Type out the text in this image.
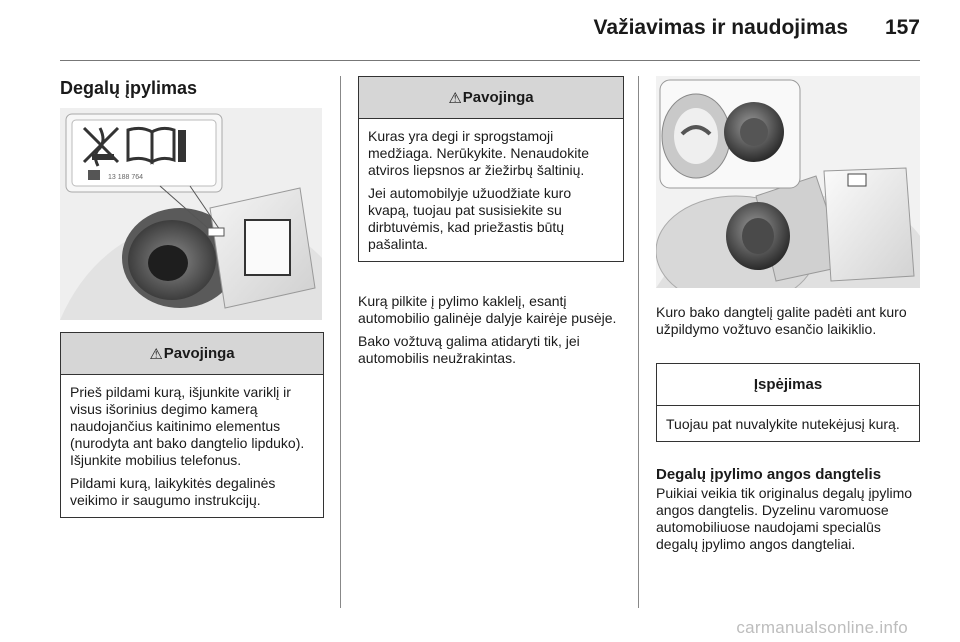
Važiavimas ir naudojimas 157
Degalų įpylimas
13 188 764
⚠ Pavojinga

Prieš pildami kurą, išjunkite variklį ir visus išorinius degimo kamerą naudojančius kaitinimo elementus (nurodyta ant bako dangtelio lipduko). Išjunkite mobilius telefonus.

Pildami kurą, laikykitės degalinės veikimo ir saugumo instrukcijų.

⚠ Pavojinga

Kuras yra degi ir sprogstamoji medžiaga. Nerūkykite. Nenaudokite atviros liepsnos ar žiežirbų šaltinių.

Jei automobilyje užuodžiate kuro kvapą, tuojau pat susisiekite su dirbtuvėmis, kad priežastis būtų pašalinta.

Kurą pilkite į pylimo kaklelį, esantį automobilio galinėje dalyje kairėje pusėje.

Bako vožtuvą galima atidaryti tik, jei automobilis neužrakintas.

Kuro bako dangtelį galite padėti ant kuro užpildymo vožtuvo esančio laikiklio.

Įspėjimas

Tuojau pat nuvalykite nutekėjusį kurą.

Degalų įpylimo angos dangtelis
Puikiai veikia tik originalus degalų įpylimo angos dangtelis. Dyzelinu varomuose automobiliuose naudojami specialūs degalų įpylimo angos dangteliai.
carmanualsonline.info
